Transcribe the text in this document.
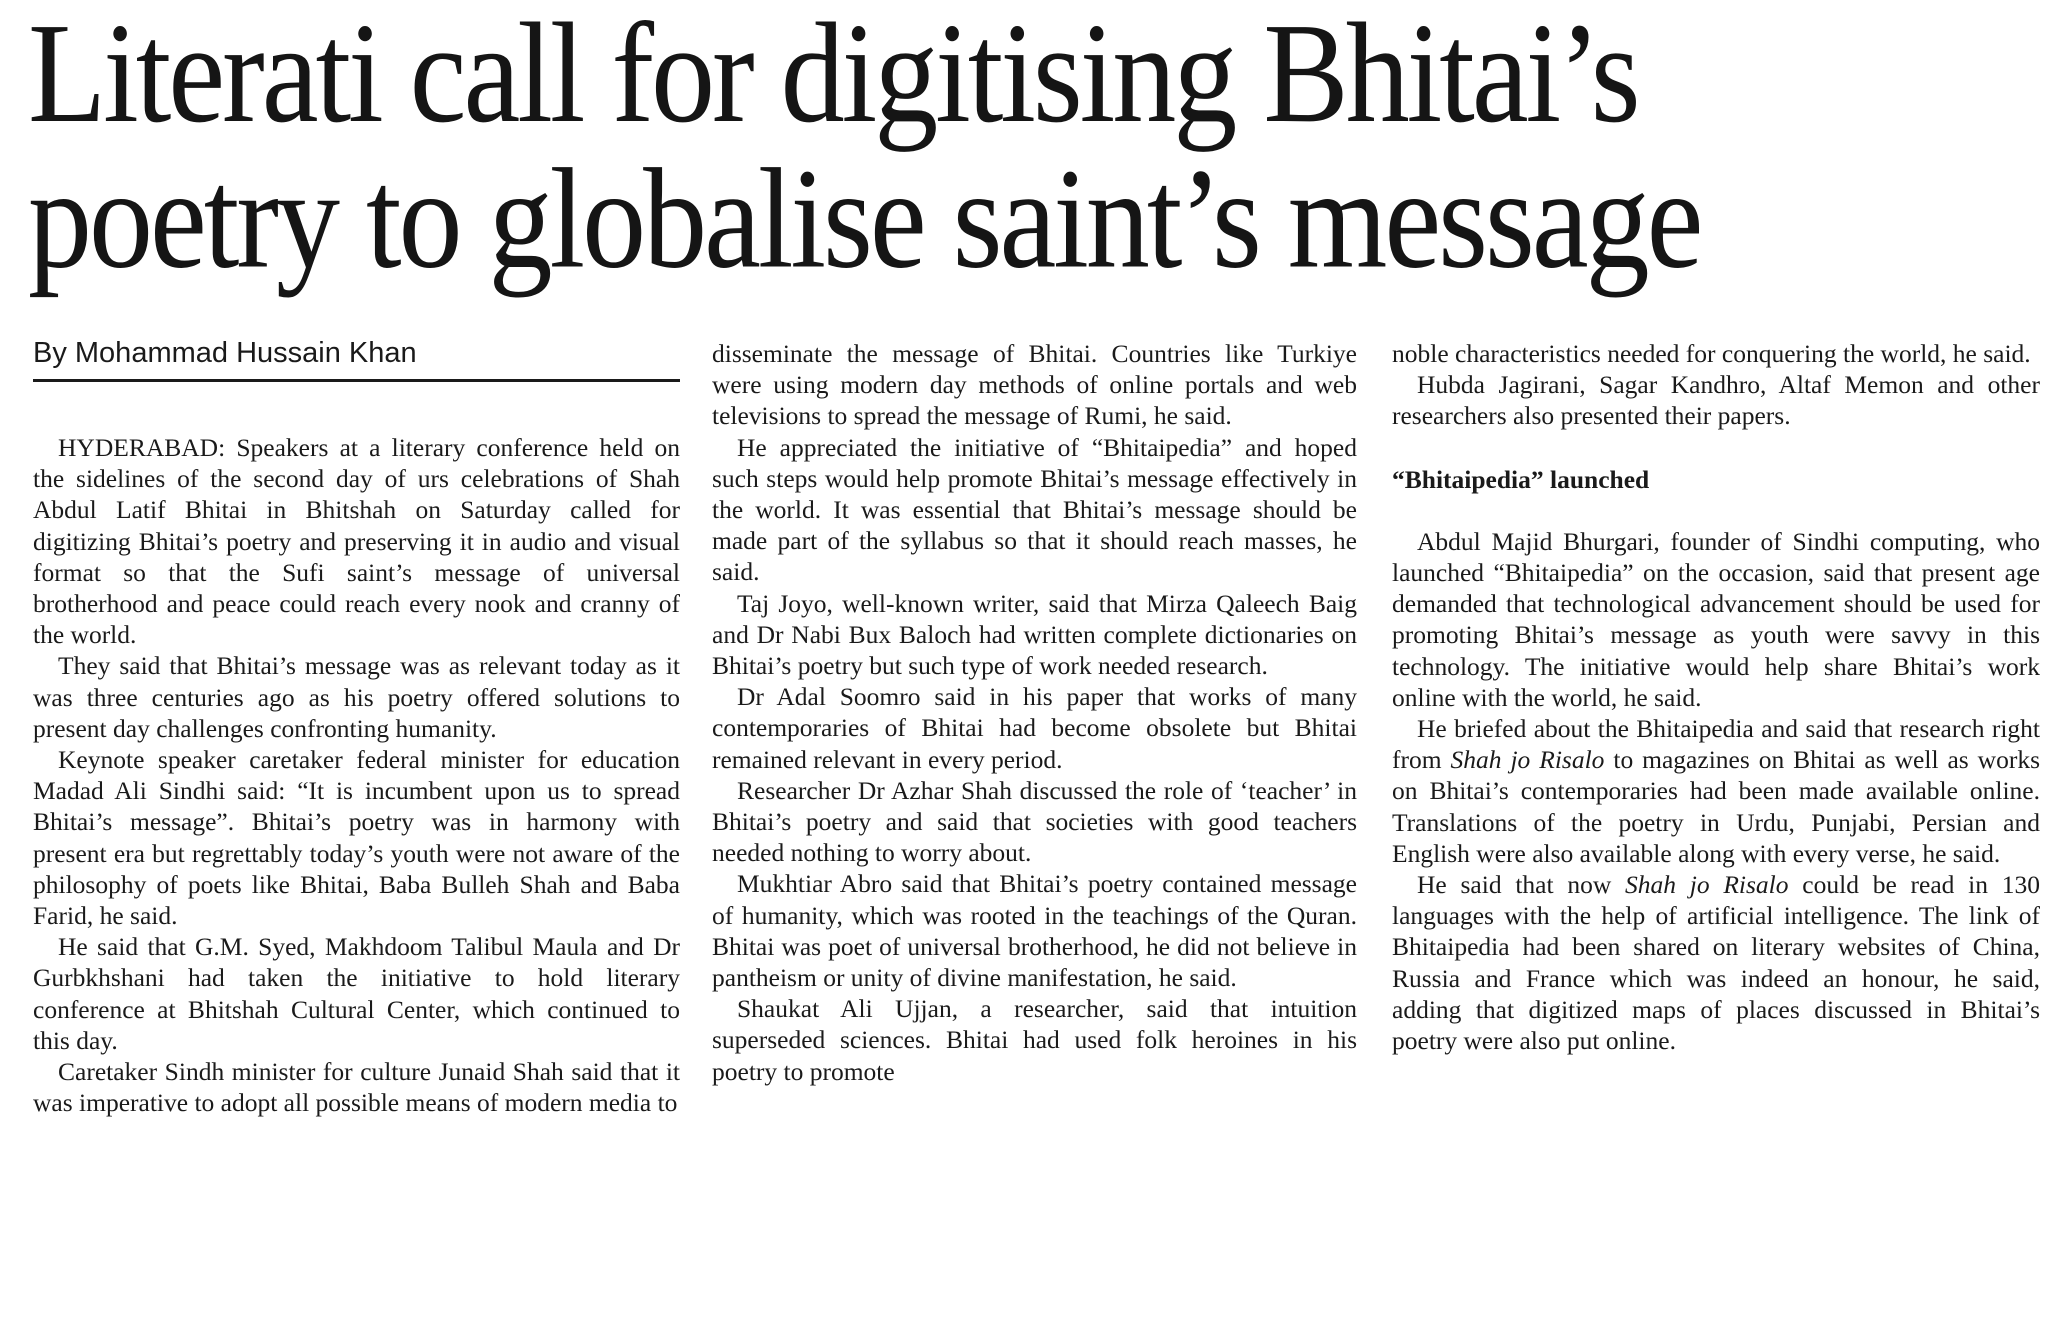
Literati call for digitising Bhitai’s
poetry to globalise saint’s message
By Mohammad Hussain Khan

HYDERABAD: Speakers at a literary conference held on the sidelines of the second day of urs celebrations of Shah Abdul Latif Bhitai in Bhitshah on Saturday called for digitizing Bhitai’s poetry and preserving it in audio and visual format so that the Sufi saint’s message of universal brotherhood and peace could reach every nook and cranny of the world.

They said that Bhitai’s message was as relevant today as it was three centuries ago as his poetry offered solutions to present day challenges confronting humanity.

Keynote speaker caretaker federal minister for education Madad Ali Sindhi said: “It is incumbent upon us to spread Bhitai’s message”. Bhitai’s poetry was in harmony with present era but regrettably today’s youth were not aware of the philosophy of poets like Bhitai, Baba Bulleh Shah and Baba Farid, he said.

He said that G.M. Syed, Makhdoom Talibul Maula and Dr Gurbkhshani had taken the initiative to hold literary conference at Bhitshah Cultural Center, which continued to this day.

Caretaker Sindh minister for culture Junaid Shah said that it was imperative to adopt all possible means of modern media to

disseminate the message of Bhitai. Countries like Turkiye were using modern day methods of online portals and web televisions to spread the message of Rumi, he said.

He appreciated the initiative of “Bhitaipedia” and hoped such steps would help promote Bhitai’s message effectively in the world. It was essential that Bhitai’s message should be made part of the syllabus so that it should reach masses, he said.

Taj Joyo, well-known writer, said that Mirza Qaleech Baig and Dr Nabi Bux Baloch had written complete dictionaries on Bhitai’s poetry but such type of work needed research.

Dr Adal Soomro said in his paper that works of many contemporaries of Bhitai had become obsolete but Bhitai remained relevant in every period.

Researcher Dr Azhar Shah discussed the role of ‘teacher’ in Bhitai’s poetry and said that societies with good teachers needed nothing to worry about.

Mukhtiar Abro said that Bhitai’s poetry contained message of humanity, which was rooted in the teachings of the Quran. Bhitai was poet of universal brotherhood, he did not believe in pantheism or unity of divine manifestation, he said.

Shaukat Ali Ujjan, a researcher, said that intuition superseded sciences. Bhitai had used folk heroines in his poetry to promote

noble characteristics needed for conquering the world, he said.

Hubda Jagirani, Sagar Kandhro, Altaf Memon and other researchers also presented their papers.

“Bhitaipedia” launched

Abdul Majid Bhurgari, founder of Sindhi computing, who launched “Bhitaipedia” on the occasion, said that present age demanded that technological advancement should be used for promoting Bhitai’s message as youth were savvy in this technology. The initiative would help share Bhitai’s work online with the world, he said.

He briefed about the Bhitaipedia and said that research right from Shah jo Risalo to magazines on Bhitai as well as works on Bhitai’s contemporaries had been made available online. Translations of the poetry in Urdu, Punjabi, Persian and English were also available along with every verse, he said.

He said that now Shah jo Risalo could be read in 130 languages with the help of artificial intelligence. The link of Bhitaipedia had been shared on literary websites of China, Russia and France which was indeed an honour, he said, adding that digitized maps of places discussed in Bhitai’s poetry were also put online.
